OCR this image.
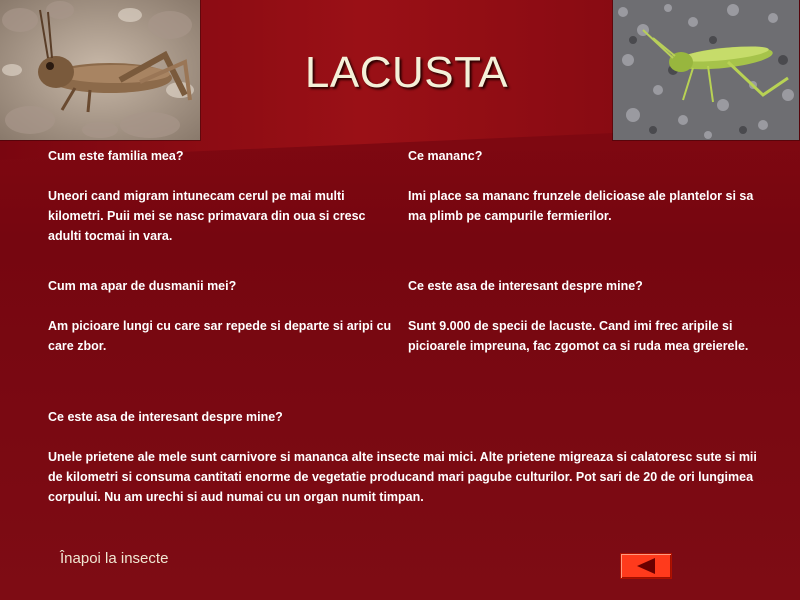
LACUSTA

Cum este familia mea?

Uneori cand migram intunecam cerul pe mai multi kilometri. Puii mei se nasc primavara din oua si cresc adulti tocmai in vara.

Ce mananc?

Imi place sa mananc frunzele delicioase ale plantelor si sa ma plimb pe campurile fermierilor.

Cum ma apar de dusmanii mei?

Am picioare lungi cu care sar repede si departe si aripi cu care zbor.

Ce este asa de interesant despre mine?

Sunt 9.000 de specii de lacuste. Cand imi frec aripile si picioarele impreuna, fac zgomot ca si ruda mea greierele.

Ce este asa de interesant despre mine?

Unele prietene ale mele sunt carnivore si mananca alte insecte mai mici. Alte prietene migreaza si calatoresc sute si mii de kilometri si consuma cantitati enorme de vegetatie producand mari pagube culturilor. Pot sari de 20 de ori lungimea corpului. Nu am urechi si aud numai cu un organ numit timpan.

Înapoi la insecte
